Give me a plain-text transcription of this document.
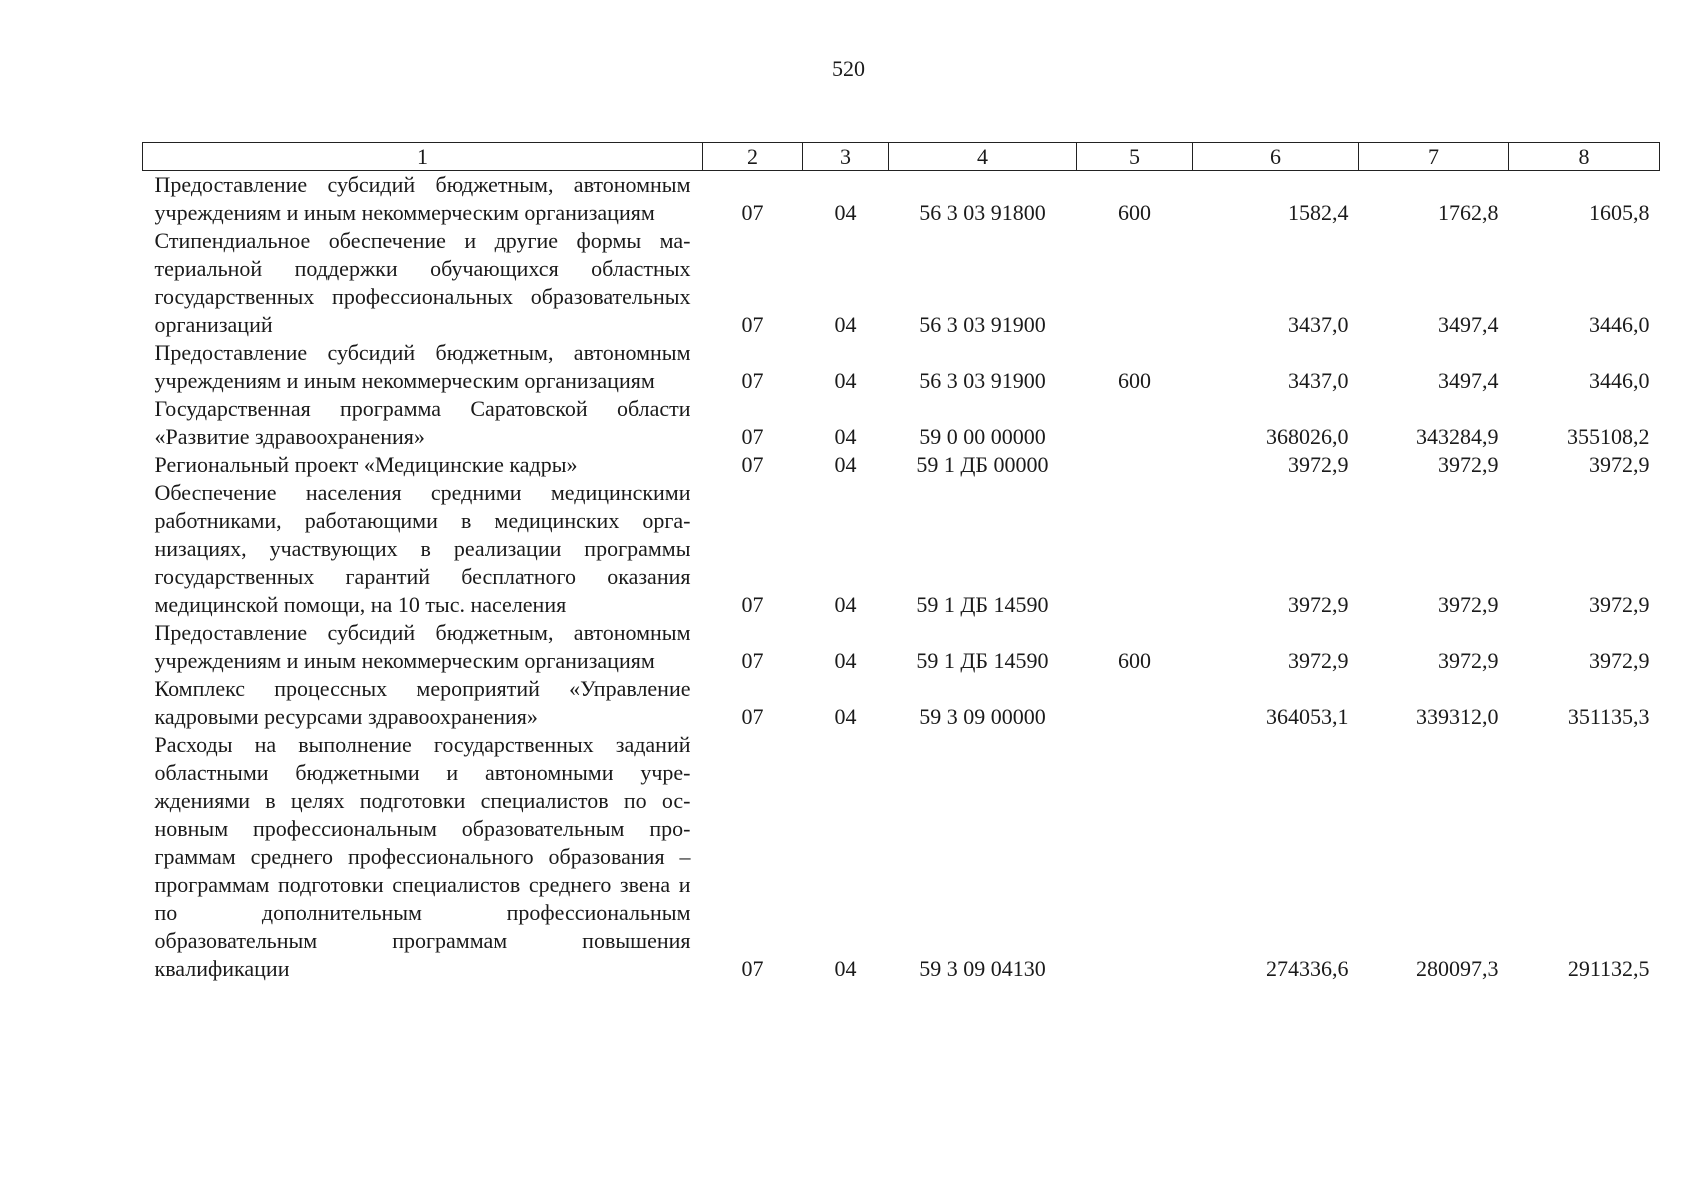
520
1	2	3	4	5	6	7	8
Предоставление субсидий бюджетным, автономным учреждениям и иным некоммерческим организациям	07	04	56 3 03 91800	600	1582,4	1762,8	1605,8
Стипендиальное обеспечение и другие формы материальной поддержки обучающихся областных государственных профессиональных образовательных организаций	07	04	56 3 03 91900		3437,0	3497,4	3446,0
Предоставление субсидий бюджетным, автономным учреждениям и иным некоммерческим организациям	07	04	56 3 03 91900	600	3437,0	3497,4	3446,0
Государственная программа Саратовской области «Развитие здравоохранения»	07	04	59 0 00 00000		368026,0	343284,9	355108,2
Региональный проект «Медицинские кадры»	07	04	59 1 ДБ 00000		3972,9	3972,9	3972,9
Обеспечение населения средними медицинскими работниками, работающими в медицинских организациях, участвующих в реализации программы государственных гарантий бесплатного оказания медицинской помощи, на 10 тыс. населения	07	04	59 1 ДБ 14590		3972,9	3972,9	3972,9
Предоставление субсидий бюджетным, автономным учреждениям и иным некоммерческим организациям	07	04	59 1 ДБ 14590	600	3972,9	3972,9	3972,9
Комплекс процессных мероприятий «Управление кадровыми ресурсами здравоохранения»	07	04	59 3 09 00000		364053,1	339312,0	351135,3
Расходы на выполнение государственных заданий областными бюджетными и автономными учреждениями в целях подготовки специалистов по основным профессиональным образовательным программам среднего профессионального образования – программам подготовки специалистов среднего звена и по дополнительным профессиональным образовательным программам повышения квалификации	07	04	59 3 09 04130		274336,6	280097,3	291132,5
